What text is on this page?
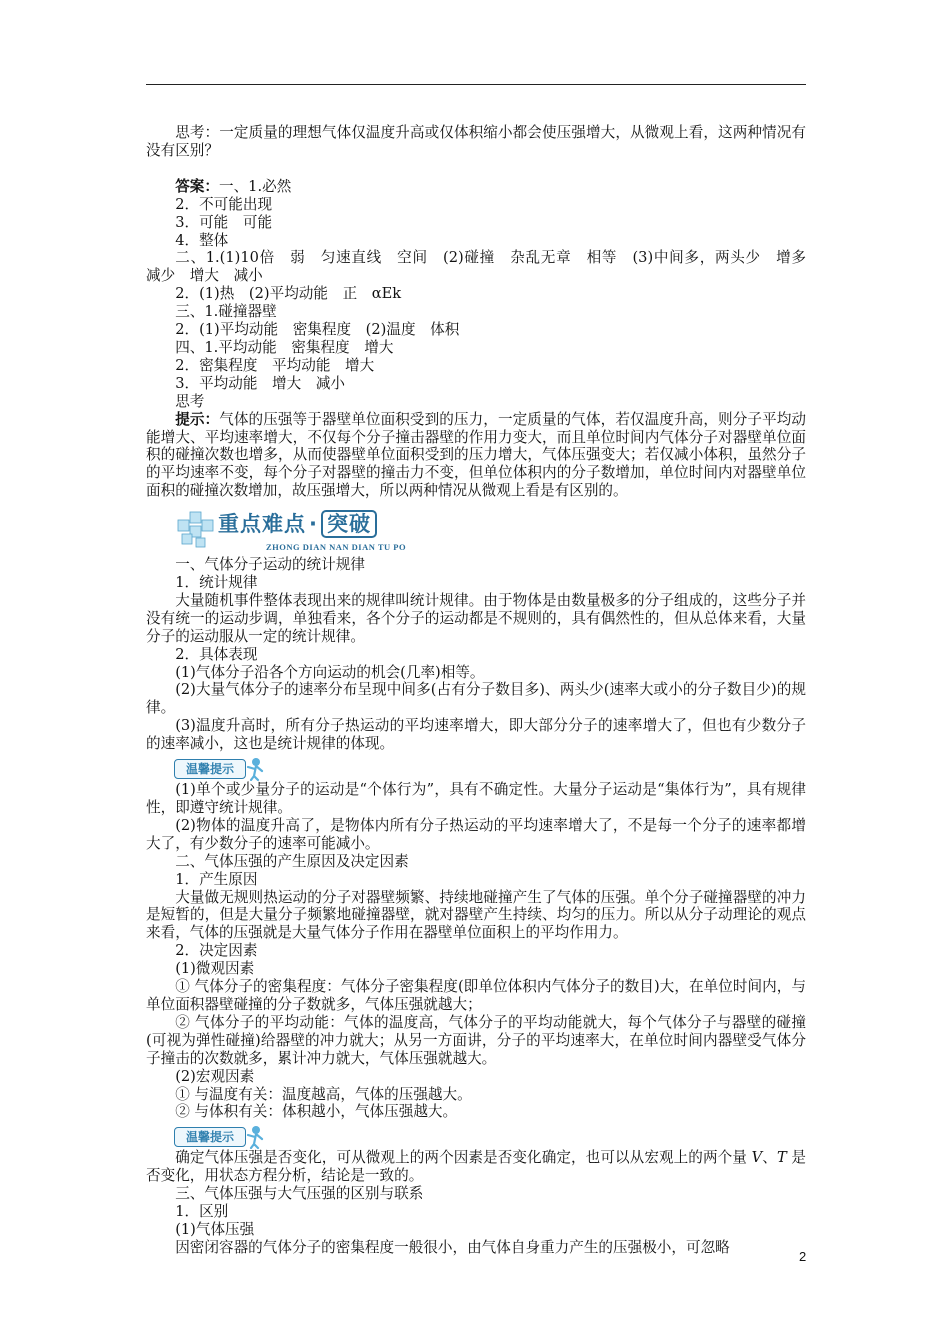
思考：一定质量的理想气体仅温度升高或仅体积缩小都会使压强增大，从微观上看，这两种情况有没有区别？

答案：一、1.必然

2．不可能出现

3．可能　可能

4．整体

二、1.(1)10倍　弱　匀速直线　空间　(2)碰撞　杂乱无章　相等　(3)中间多，两头少　增多　减少　增大　减小

2．(1)热　(2)平均动能　正　αEk

三、1.碰撞器壁

2．(1)平均动能　密集程度　(2)温度　体积

四、1.平均动能　密集程度　增大

2．密集程度　平均动能　增大

3．平均动能　增大　减小

思考

提示：气体的压强等于器壁单位面积受到的压力，一定质量的气体，若仅温度升高，则分子平均动能增大、平均速率增大，不仅每个分子撞击器壁的作用力变大，而且单位时间内气体分子对器壁单位面积的碰撞次数也增多，从而使器壁单位面积受到的压力增大，气体压强变大；若仅减小体积，虽然分子的平均速率不变，每个分子对器壁的撞击力不变，但单位体积内的分子数增加，单位时间内对器壁单位面积的碰撞次数增加，故压强增大，所以两种情况从微观上看是有区别的。

重点难点 · 突破
ZHONG DIAN NAN DIAN TU PO

一、气体分子运动的统计规律

1．统计规律

大量随机事件整体表现出来的规律叫统计规律。由于物体是由数量极多的分子组成的，这些分子并没有统一的运动步调，单独看来，各个分子的运动都是不规则的，具有偶然性的，但从总体来看，大量分子的运动服从一定的统计规律。

2．具体表现

(1)气体分子沿各个方向运动的机会(几率)相等。

(2)大量气体分子的速率分布呈现中间多(占有分子数目多)、两头少(速率大或小的分子数目少)的规律。

(3)温度升高时，所有分子热运动的平均速率增大，即大部分分子的速率增大了，但也有少数分子的速率减小，这也是统计规律的体现。

温馨提示

(1)单个或少量分子的运动是“个体行为”，具有不确定性。大量分子运动是“集体行为”，具有规律性，即遵守统计规律。

(2)物体的温度升高了，是物体内所有分子热运动的平均速率增大了，不是每一个分子的速率都增大了，有少数分子的速率可能减小。

二、气体压强的产生原因及决定因素

1．产生原因

大量做无规则热运动的分子对器壁频繁、持续地碰撞产生了气体的压强。单个分子碰撞器壁的冲力是短暂的，但是大量分子频繁地碰撞器壁，就对器壁产生持续、均匀的压力。所以从分子动理论的观点来看，气体的压强就是大量气体分子作用在器壁单位面积上的平均作用力。

2．决定因素

(1)微观因素

① 气体分子的密集程度：气体分子密集程度(即单位体积内气体分子的数目)大，在单位时间内，与单位面积器壁碰撞的分子数就多，气体压强就越大；

② 气体分子的平均动能：气体的温度高，气体分子的平均动能就大，每个气体分子与器壁的碰撞(可视为弹性碰撞)给器壁的冲力就大；从另一方面讲，分子的平均速率大，在单位时间内器壁受气体分子撞击的次数就多，累计冲力就大，气体压强就越大。

(2)宏观因素

① 与温度有关：温度越高，气体的压强越大。

② 与体积有关：体积越小，气体压强越大。

温馨提示

确定气体压强是否变化，可从微观上的两个因素是否变化确定，也可以从宏观上的两个量 V、T 是否变化，用状态方程分析，结论是一致的。

三、气体压强与大气压强的区别与联系

1．区别

(1)气体压强

因密闭容器的气体分子的密集程度一般很小，由气体自身重力产生的压强极小，可忽略

2
